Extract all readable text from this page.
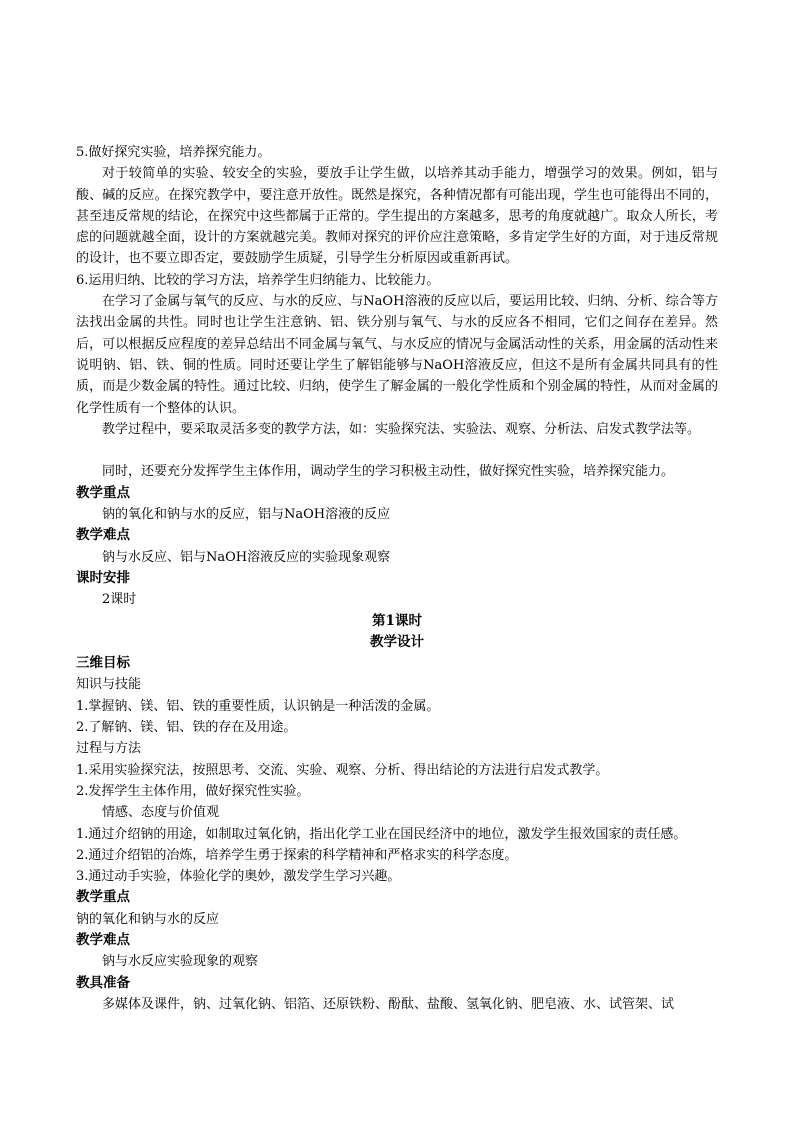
5.做好探究实验，培养探究能力。
对于较简单的实验、较安全的实验，要放手让学生做，以培养其动手能力，增强学习的效果。例如，铝与酸、碱的反应。在探究教学中，要注意开放性。既然是探究，各种情况都有可能出现，学生也可能得出不同的，甚至违反常规的结论，在探究中这些都属于正常的。学生提出的方案越多，思考的角度就越广。取众人所长，考虑的问题就越全面，设计的方案就越完美。教师对探究的评价应注意策略，多肯定学生好的方面，对于违反常规的设计，也不要立即否定，要鼓励学生质疑，引导学生分析原因或重新再试。
6.运用归纳、比较的学习方法，培养学生归纳能力、比较能力。
在学习了金属与氧气的反应、与水的反应、与NaOH溶液的反应以后，要运用比较、归纳、分析、综合等方法找出金属的共性。同时也让学生注意钠、铝、铁分别与氧气、与水的反应各不相同，它们之间存在差异。然后，可以根据反应程度的差异总结出不同金属与氧气、与水反应的情况与金属活动性的关系，用金属的活动性来说明钠、铝、铁、铜的性质。同时还要让学生了解铝能够与NaOH溶液反应，但这不是所有金属共同具有的性质，而是少数金属的特性。通过比较、归纳，使学生了解金属的一般化学性质和个别金属的特性，从而对金属的化学性质有一个整体的认识。
教学过程中，要采取灵活多变的教学方法，如：实验探究法、实验法、观察、分析法、启发式教学法等。
同时，还要充分发挥学生主体作用，调动学生的学习积极主动性，做好探究性实验，培养探究能力。
教学重点
钠的氧化和钠与水的反应，铝与NaOH溶液的反应
教学难点
钠与水反应、铝与NaOH溶液反应的实验现象观察
课时安排
2课时
第1课时
教学设计
三维目标
知识与技能
1.掌握钠、镁、铝、铁的重要性质，认识钠是一种活泼的金属。
2.了解钠、镁、铝、铁的存在及用途。
过程与方法
1.采用实验探究法，按照思考、交流、实验、观察、分析、得出结论的方法进行启发式教学。
2.发挥学生主体作用，做好探究性实验。
情感、态度与价值观
1.通过介绍钠的用途，如制取过氧化钠，指出化学工业在国民经济中的地位，激发学生报效国家的责任感。
2.通过介绍铝的冶炼，培养学生勇于探索的科学精神和严格求实的科学态度。
3.通过动手实验，体验化学的奥妙，激发学生学习兴趣。
教学重点
钠的氧化和钠与水的反应
教学难点
钠与水反应实验现象的观察
教具准备
多媒体及课件，钠、过氧化钠、铝箔、还原铁粉、酚酞、盐酸、氢氧化钠、肥皂液、水、试管架、试
